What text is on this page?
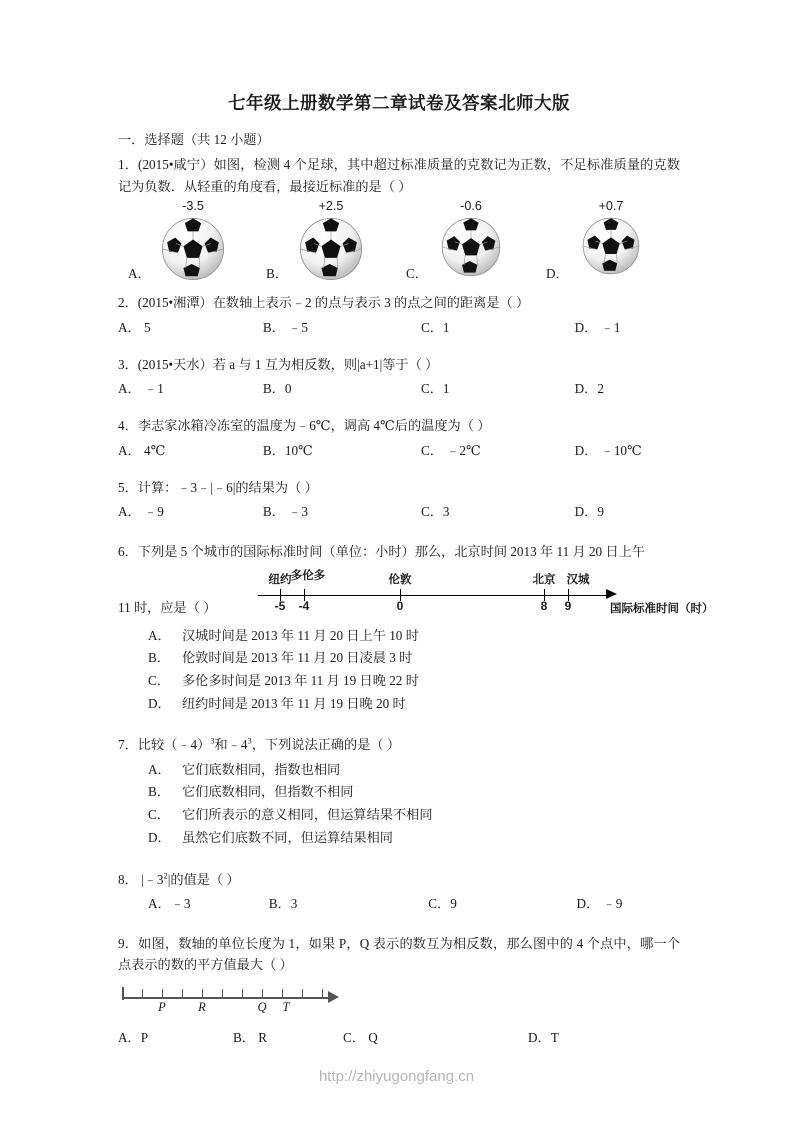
七年级上册数学第二章试卷及答案北师大版

一．选择题（共 12 小题）

1．(2015•咸宁）如图，检测 4 个足球，其中超过标准质量的克数记为正数，不足标准质量的克数记为负数．从轻重的角度看，最接近标准的是（ ）

-3.5
A．
+2.5
B．
-0.6
C．
+0.7
D．

2．(2015•湘潭）在数轴上表示﹣2 的点与表示 3 的点之间的距离是（ ）

A． 5	B． ﹣5	C．1	D． ﹣1

3．(2015•天水）若 a 与 1 互为相反数，则|a+1|等于（ ）

A． ﹣1	B．0	C．1	D．2

4．李志家冰箱冷冻室的温度为﹣6℃，调高 4℃后的温度为（ ）

A． 4℃	B．10℃	C． ﹣2℃	D． ﹣10℃

5．计算：﹣3﹣|﹣6|的结果为（ ）

A． ﹣9	B． ﹣3	C．3	D．9

6．下列是 5 个城市的国际标准时间（单位：小时）那么，北京时间 2013 年 11 月 20 日上午

11 时，应是（ ）
纽约 多伦多	伦敦	北京 汉城
-5 -4	0	8 9	国际标准时间（时）
A． 汉城时间是 2013 年 11 月 20 日上午 10 时
B． 伦敦时间是 2013 年 11 月 20 日凌晨 3 时
C． 多伦多时间是 2013 年 11 月 19 日晚 22 时
D． 纽约时间是 2013 年 11 月 19 日晚 20 时

7．比较（﹣4）$^3$和$﹣4^3$，下列说法正确的是（ ）

A． 它们底数相同，指数也相同
B． 它们底数相同，但指数不相同
C． 它们所表示的意义相同，但运算结果不相同
D． 虽然它们底数不同，但运算结果相同

8． $|﹣3^2|$的值是（ ）

A．﹣3	B．3	C．9	D． ﹣9

9．如图，数轴的单位长度为 1，如果 P，Q 表示的数互为相反数，那么图中的 4 个点中，哪一个点表示的数的平方值最大（ ）

P	R	Q T
A．P	B． R	C． Q	D．T
http://zhiyugongfang.cn
